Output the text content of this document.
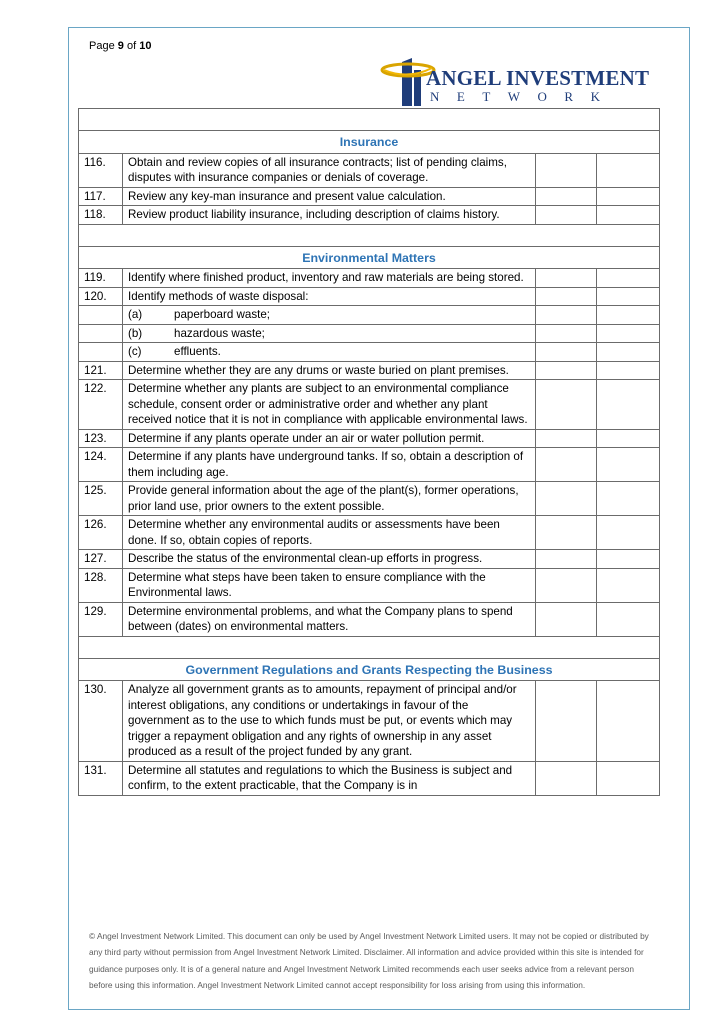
Page 9 of 10
ANGEL INVESTMENT
NETWORK

Insurance			
116.	Obtain and review copies of all insurance contracts; list of pending claims, disputes with insurance companies or denials of coverage.		
117.	Review any key-man insurance and present value calculation.		
118.	Review product liability insurance, including description of claims history.		

Environmental Matters			
119.	Identify where finished product, inventory and raw materials are being stored.		
120.	Identify methods of waste disposal:		
	(a) paperboard waste;		
	(b) hazardous waste;		
	(c) effluents.		
121.	Determine whether they are any drums or waste buried on plant premises.		
122.	Determine whether any plants are subject to an environmental compliance schedule, consent order or administrative order and whether any plant received notice that it is not in compliance with applicable environmental laws.		
123.	Determine if any plants operate under an air or water pollution permit.		
124.	Determine if any plants have underground tanks. If so, obtain a description of them including age.		
125.	Provide general information about the age of the plant(s), former operations, prior land use, prior owners to the extent possible.		
126.	Determine whether any environmental audits or assessments have been done. If so, obtain copies of reports.		
127.	Describe the status of the environmental clean-up efforts in progress.		
128.	Determine what steps have been taken to ensure compliance with the Environmental laws.		
129.	Determine environmental problems, and what the Company plans to spend between (dates) on environmental matters.		

Government Regulations and Grants Respecting the Business			
130.	Analyze all government grants as to amounts, repayment of principal and/or interest obligations, any conditions or undertakings in favour of the government as to the use to which funds must be put, or events which may trigger a repayment obligation and any rights of ownership in any asset produced as a result of the project funded by any grant.		
131.	Determine all statutes and regulations to which the Business is subject and confirm, to the extent practicable, that the Company is in		
© Angel Investment Network Limited. This document can only be used by Angel Investment Network Limited users. It may not be copied or distributed by any third party without permission from Angel Investment Network Limited. Disclaimer. All information and advice provided within this site is intended for guidance purposes only. It is of a general nature and Angel Investment Network Limited recommends each user seeks advice from a relevant person before using this information. Angel Investment Network Limited cannot accept responsibility for loss arising from using this information.
